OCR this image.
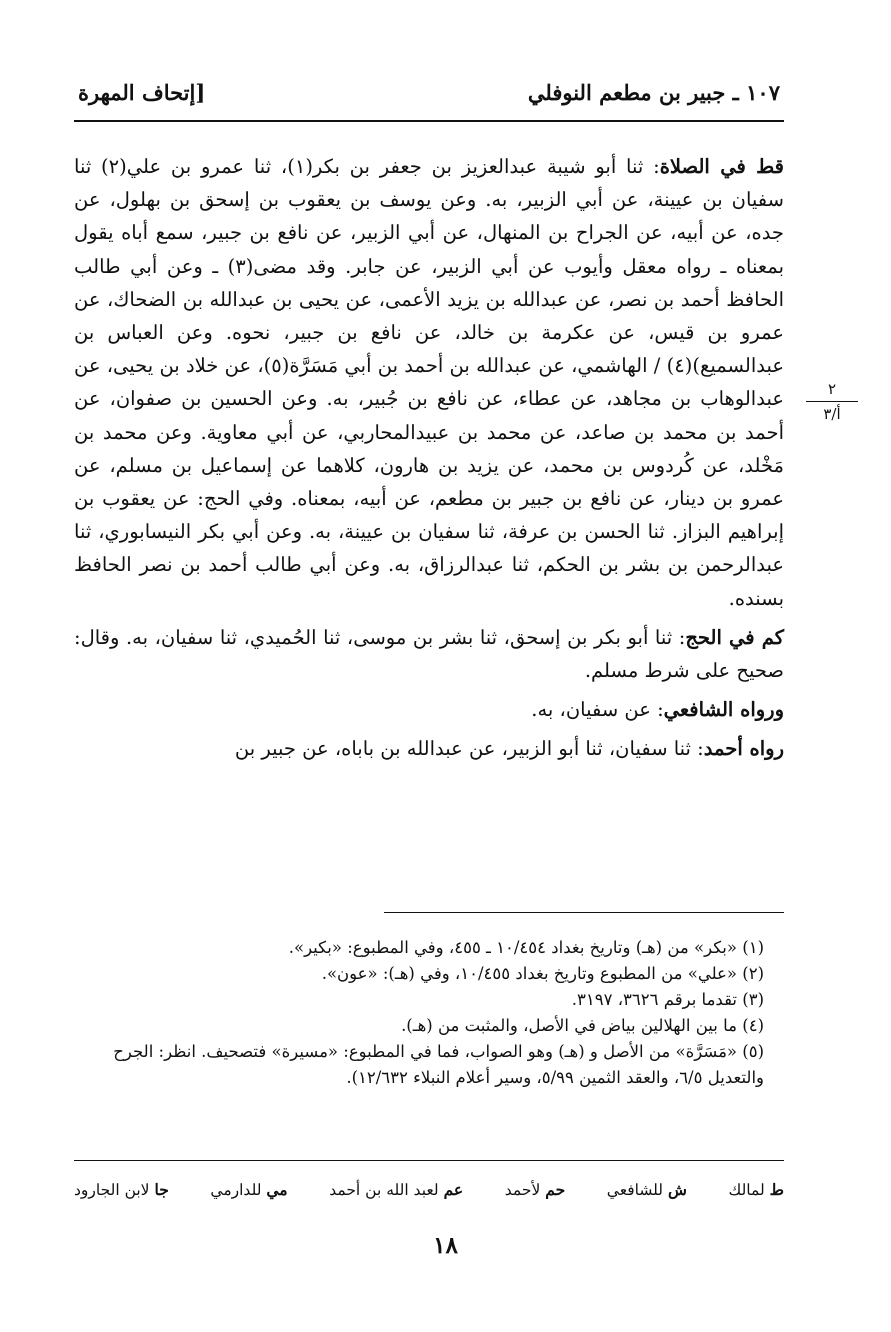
١٠٧ ـ جبير بن مطعم النوفلي
[إتحاف المهرة
٢
أ/٣

قط في الصلاة: ثنا أبو شيبة عبدالعزيز بن جعفر بن بكر(١)، ثنا عمرو بن علي(٢) ثنا سفيان بن عيينة، عن أبي الزبير، به. وعن يوسف بن يعقوب بن إسحق بن بهلول، عن جده، عن أبيه، عن الجراح بن المنهال، عن أبي الزبير، عن نافع بن جبير، سمع أباه يقول بمعناه ـ رواه معقل وأيوب عن أبي الزبير، عن جابر. وقد مضى(٣) ـ وعن أبي طالب الحافظ أحمد بن نصر، عن عبدالله بن يزيد الأعمى، عن يحيى بن عبدالله بن الضحاك، عن عمرو بن قيس، عن عكرمة بن خالد، عن نافع بن جبير، نحوه. وعن العباس بن عبدالسميع)(٤) / الهاشمي، عن عبدالله بن أحمد بن أبي مَسَرَّة(٥)، عن خلاد بن يحيى، عن عبدالوهاب بن مجاهد، عن عطاء، عن نافع بن جُبير، به. وعن الحسين بن صفوان، عن أحمد بن محمد بن صاعد، عن محمد بن عبيدالمحاربي، عن أبي معاوية. وعن محمد بن مَخْلد، عن كُردوس بن محمد، عن يزيد بن هارون، كلاهما عن إسماعيل بن مسلم، عن عمرو بن دينار، عن نافع بن جبير بن مطعم، عن أبيه، بمعناه. وفي الحج: عن يعقوب بن إبراهيم البزاز. ثنا الحسن بن عرفة، ثنا سفيان بن عيينة، به. وعن أبي بكر النيسابوري، ثنا عبدالرحمن بن بشر بن الحكم، ثنا عبدالرزاق، به. وعن أبي طالب أحمد بن نصر الحافظ بسنده.

كم في الحج: ثنا أبو بكر بن إسحق، ثنا بشر بن موسى، ثنا الحُميدي، ثنا سفيان، به. وقال: صحيح على شرط مسلم.

ورواه الشافعي: عن سفيان، به.

رواه أحمد: ثنا سفيان، ثنا أبو الزبير، عن عبدالله بن باباه، عن جبير بن

(١) «بكر» من (هـ) وتاريخ بغداد ١٠/٤٥٤ ـ ٤٥٥، وفي المطبوع: «بكير».

(٢) «علي» من المطبوع وتاريخ بغداد ١٠/٤٥٥، وفي (هـ): «عون».

(٣) تقدما برقم ٣٦٢٦، ٣١٩٧.

(٤) ما بين الهلالين بياض في الأصل، والمثبت من (هـ).

(٥) «مَسَرَّة» من الأصل و (هـ) وهو الصواب، فما في المطبوع: «مسيرة» فتصحيف. انظر: الجرح والتعديل ٦/٥، والعقد الثمين ٥/٩٩، وسير أعلام النبلاء ١٢/٦٣٢).

ط لمالك
ش للشافعي
حم لأحمد
عم لعبد الله بن أحمد
مي للدارمي
جا لابن الجارود
١٨
